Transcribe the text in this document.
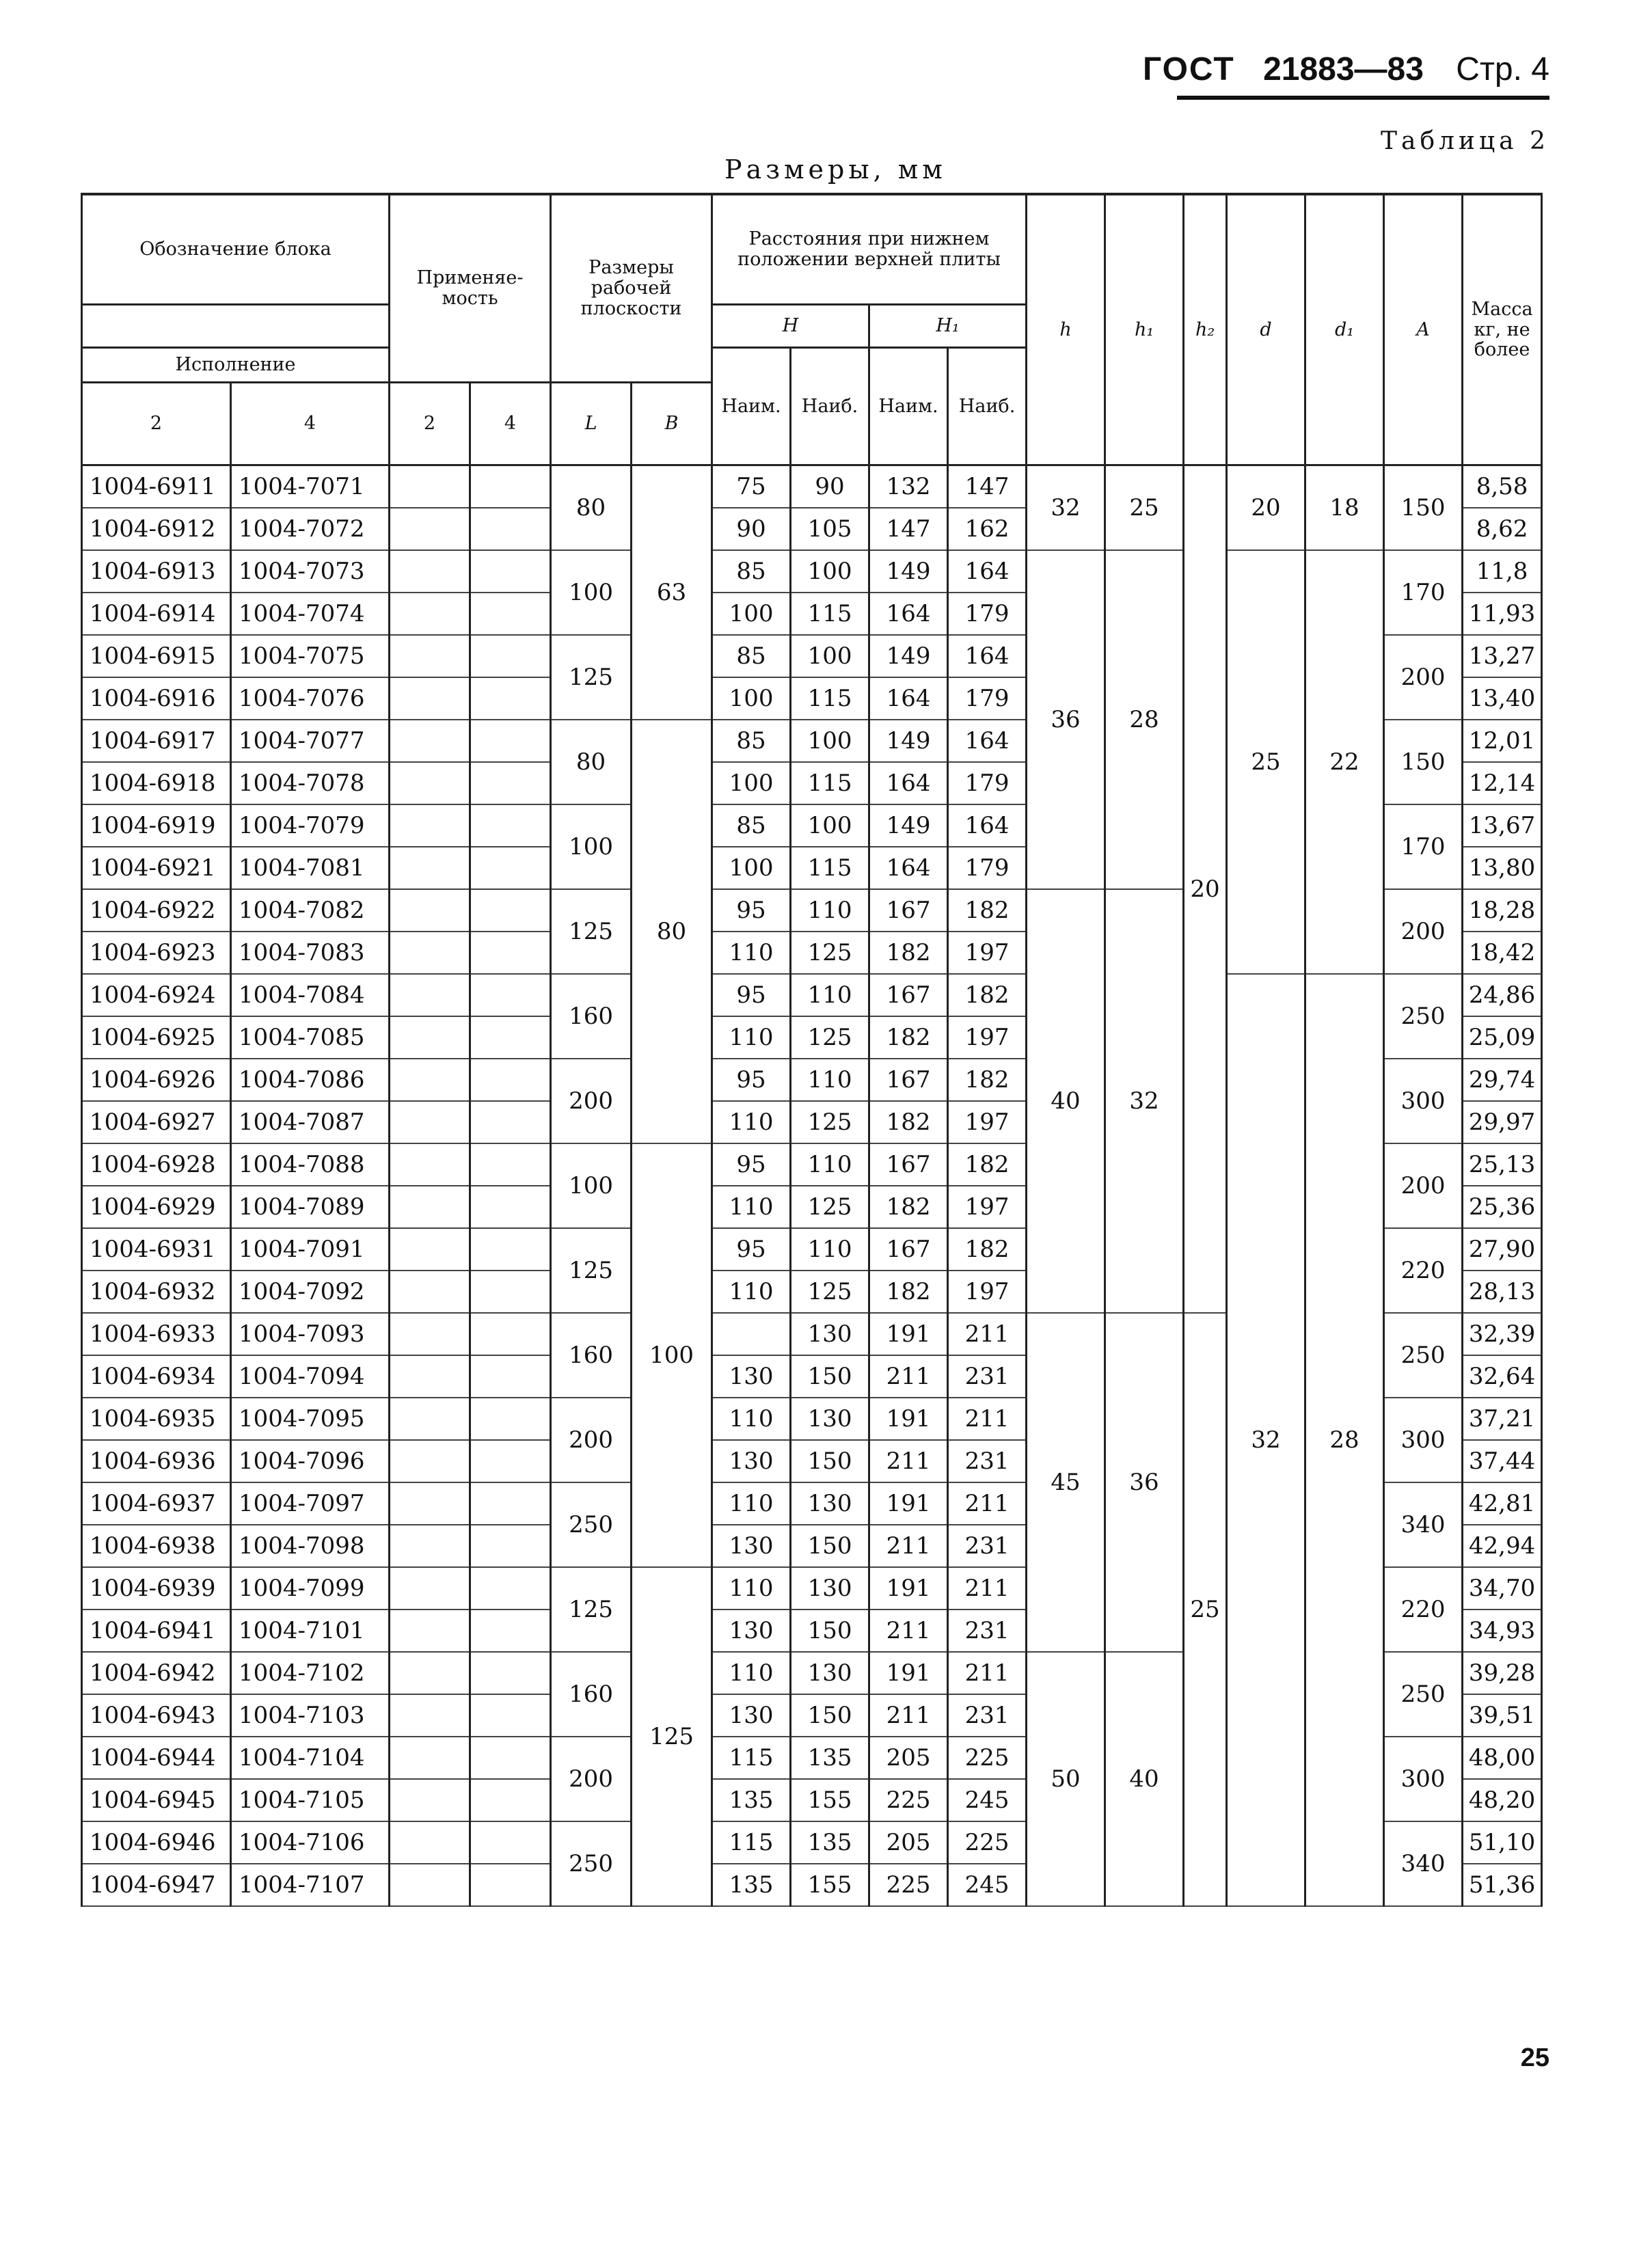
ГОСТ 21883—83 Стр. 4
Таблица 2
Размеры, мм
Обозначение блока		Применяе-мость		Размеры рабочей плоскости		Расстояния при нижнем положении верхней плиты				h	h₁	h₂	d	d₁	A	Масса кг, не более
						H		H₁								
Исполнение						Наим.	Наиб.	Наим.	Наиб.							
2	4	2	4	L	B											
1004-6911	1004-7071			80	63	75	90	132	147	32	25	20	20	18	150	8,58
1004-6912	1004-7072					90	105	147	162							8,62
1004-6913	1004-7073			100		85	100	149	164	36	28		25	22	170	11,8
1004-6914	1004-7074					100	115	164	179							11,93
1004-6915	1004-7075			125		85	100	149	164						200	13,27
1004-6916	1004-7076					100	115	164	179							13,40
1004-6917	1004-7077			80	80	85	100	149	164						150	12,01
1004-6918	1004-7078					100	115	164	179							12,14
1004-6919	1004-7079			100		85	100	149	164						170	13,67
1004-6921	1004-7081					100	115	164	179							13,80
1004-6922	1004-7082			125		95	110	167	182	40	32				200	18,28
1004-6923	1004-7083					110	125	182	197							18,42
1004-6924	1004-7084			160		95	110	167	182				32	28	250	24,86
1004-6925	1004-7085					110	125	182	197							25,09
1004-6926	1004-7086			200		95	110	167	182						300	29,74
1004-6927	1004-7087					110	125	182	197							29,97
1004-6928	1004-7088			100	100	95	110	167	182						200	25,13
1004-6929	1004-7089					110	125	182	197							25,36
1004-6931	1004-7091			125		95	110	167	182						220	27,90
1004-6932	1004-7092					110	125	182	197							28,13
1004-6933	1004-7093			160			130	191	211	45	36	25			250	32,39
1004-6934	1004-7094					130	150	211	231							32,64
1004-6935	1004-7095			200		110	130	191	211						300	37,21
1004-6936	1004-7096					130	150	211	231							37,44
1004-6937	1004-7097			250		110	130	191	211						340	42,81
1004-6938	1004-7098					130	150	211	231							42,94
1004-6939	1004-7099			125	125	110	130	191	211						220	34,70
1004-6941	1004-7101					130	150	211	231							34,93
1004-6942	1004-7102			160		110	130	191	211	50	40				250	39,28
1004-6943	1004-7103					130	150	211	231							39,51
1004-6944	1004-7104			200		115	135	205	225						300	48,00
1004-6945	1004-7105					135	155	225	245							48,20
1004-6946	1004-7106			250		115	135	205	225						340	51,10
1004-6947	1004-7107					135	155	225	245							51,36
25
